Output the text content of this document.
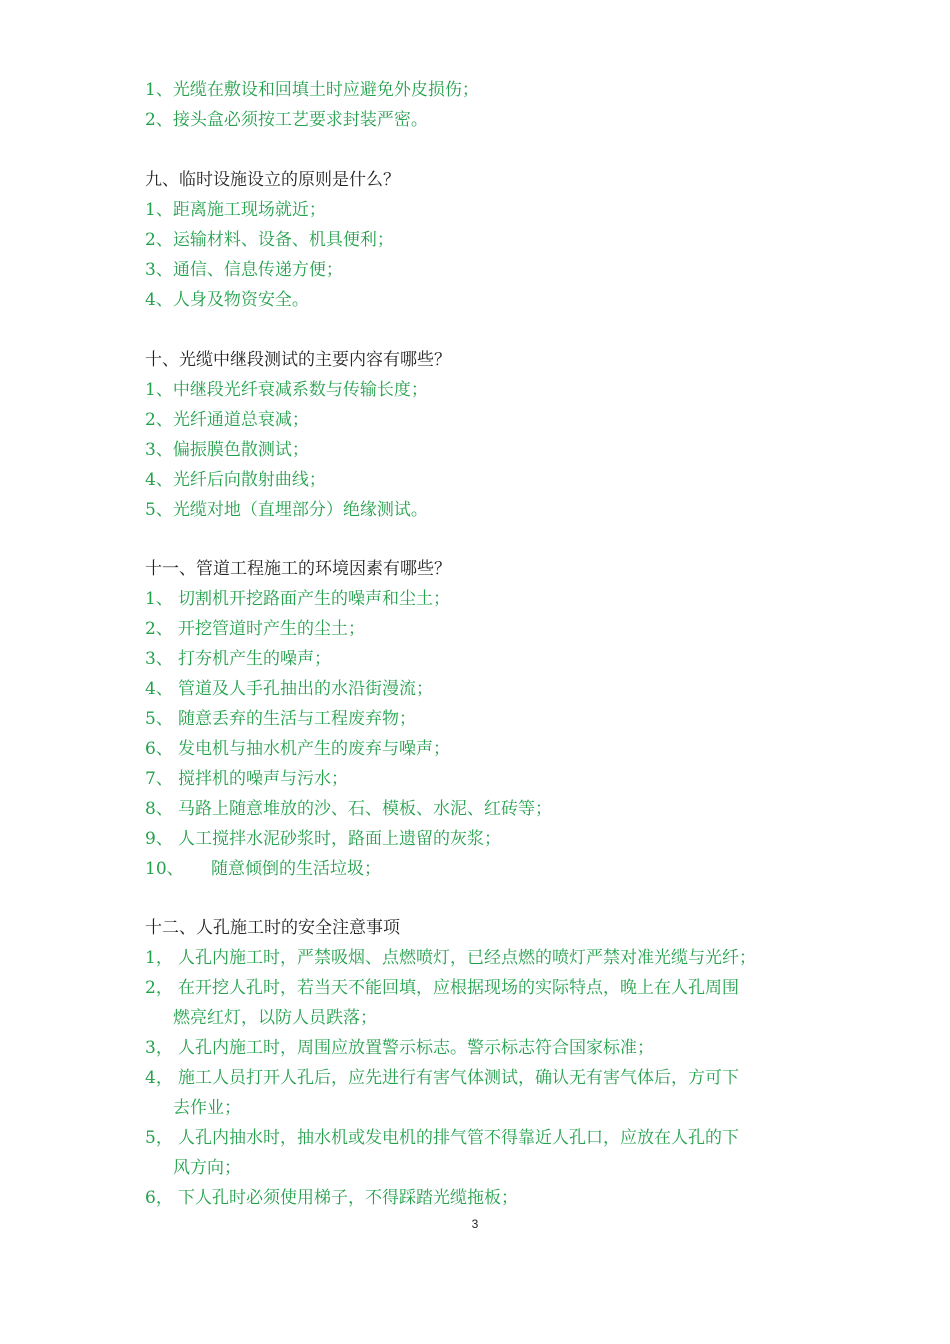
1、光缆在敷设和回填土时应避免外皮损伤；
2、接头盒必须按工艺要求封装严密。
九、临时设施设立的原则是什么？
1、距离施工现场就近；
2、运输材料、设备、机具便利；
3、通信、信息传递方便；
4、人身及物资安全。
十、光缆中继段测试的主要内容有哪些？
1、中继段光纤衰减系数与传输长度；
2、光纤通道总衰减；
3、偏振膜色散测试；
4、光纤后向散射曲线；
5、光缆对地（直埋部分）绝缘测试。
十一、管道工程施工的环境因素有哪些？
1、 切割机开挖路面产生的噪声和尘土；
2、 开挖管道时产生的尘土；
3、 打夯机产生的噪声；
4、 管道及人手孔抽出的水沿街漫流；
5、 随意丢弃的生活与工程废弃物；
6、 发电机与抽水机产生的废弃与噪声；
7、 搅拌机的噪声与污水；
8、 马路上随意堆放的沙、石、模板、水泥、红砖等；
9、 人工搅拌水泥砂浆时，路面上遗留的灰浆；
10、 随意倾倒的生活垃圾；
十二、人孔施工时的安全注意事项
1， 人孔内施工时，严禁吸烟、点燃喷灯，已经点燃的喷灯严禁对准光缆与光纤；
2， 在开挖人孔时，若当天不能回填，应根据现场的实际特点，晚上在人孔周围
燃亮红灯，以防人员跌落；
3， 人孔内施工时，周围应放置警示标志。警示标志符合国家标准；
4， 施工人员打开人孔后，应先进行有害气体测试，确认无有害气体后，方可下
去作业；
5， 人孔内抽水时，抽水机或发电机的排气管不得靠近人孔口，应放在人孔的下
风方向；
6， 下人孔时必须使用梯子，不得踩踏光缆拖板；
3
